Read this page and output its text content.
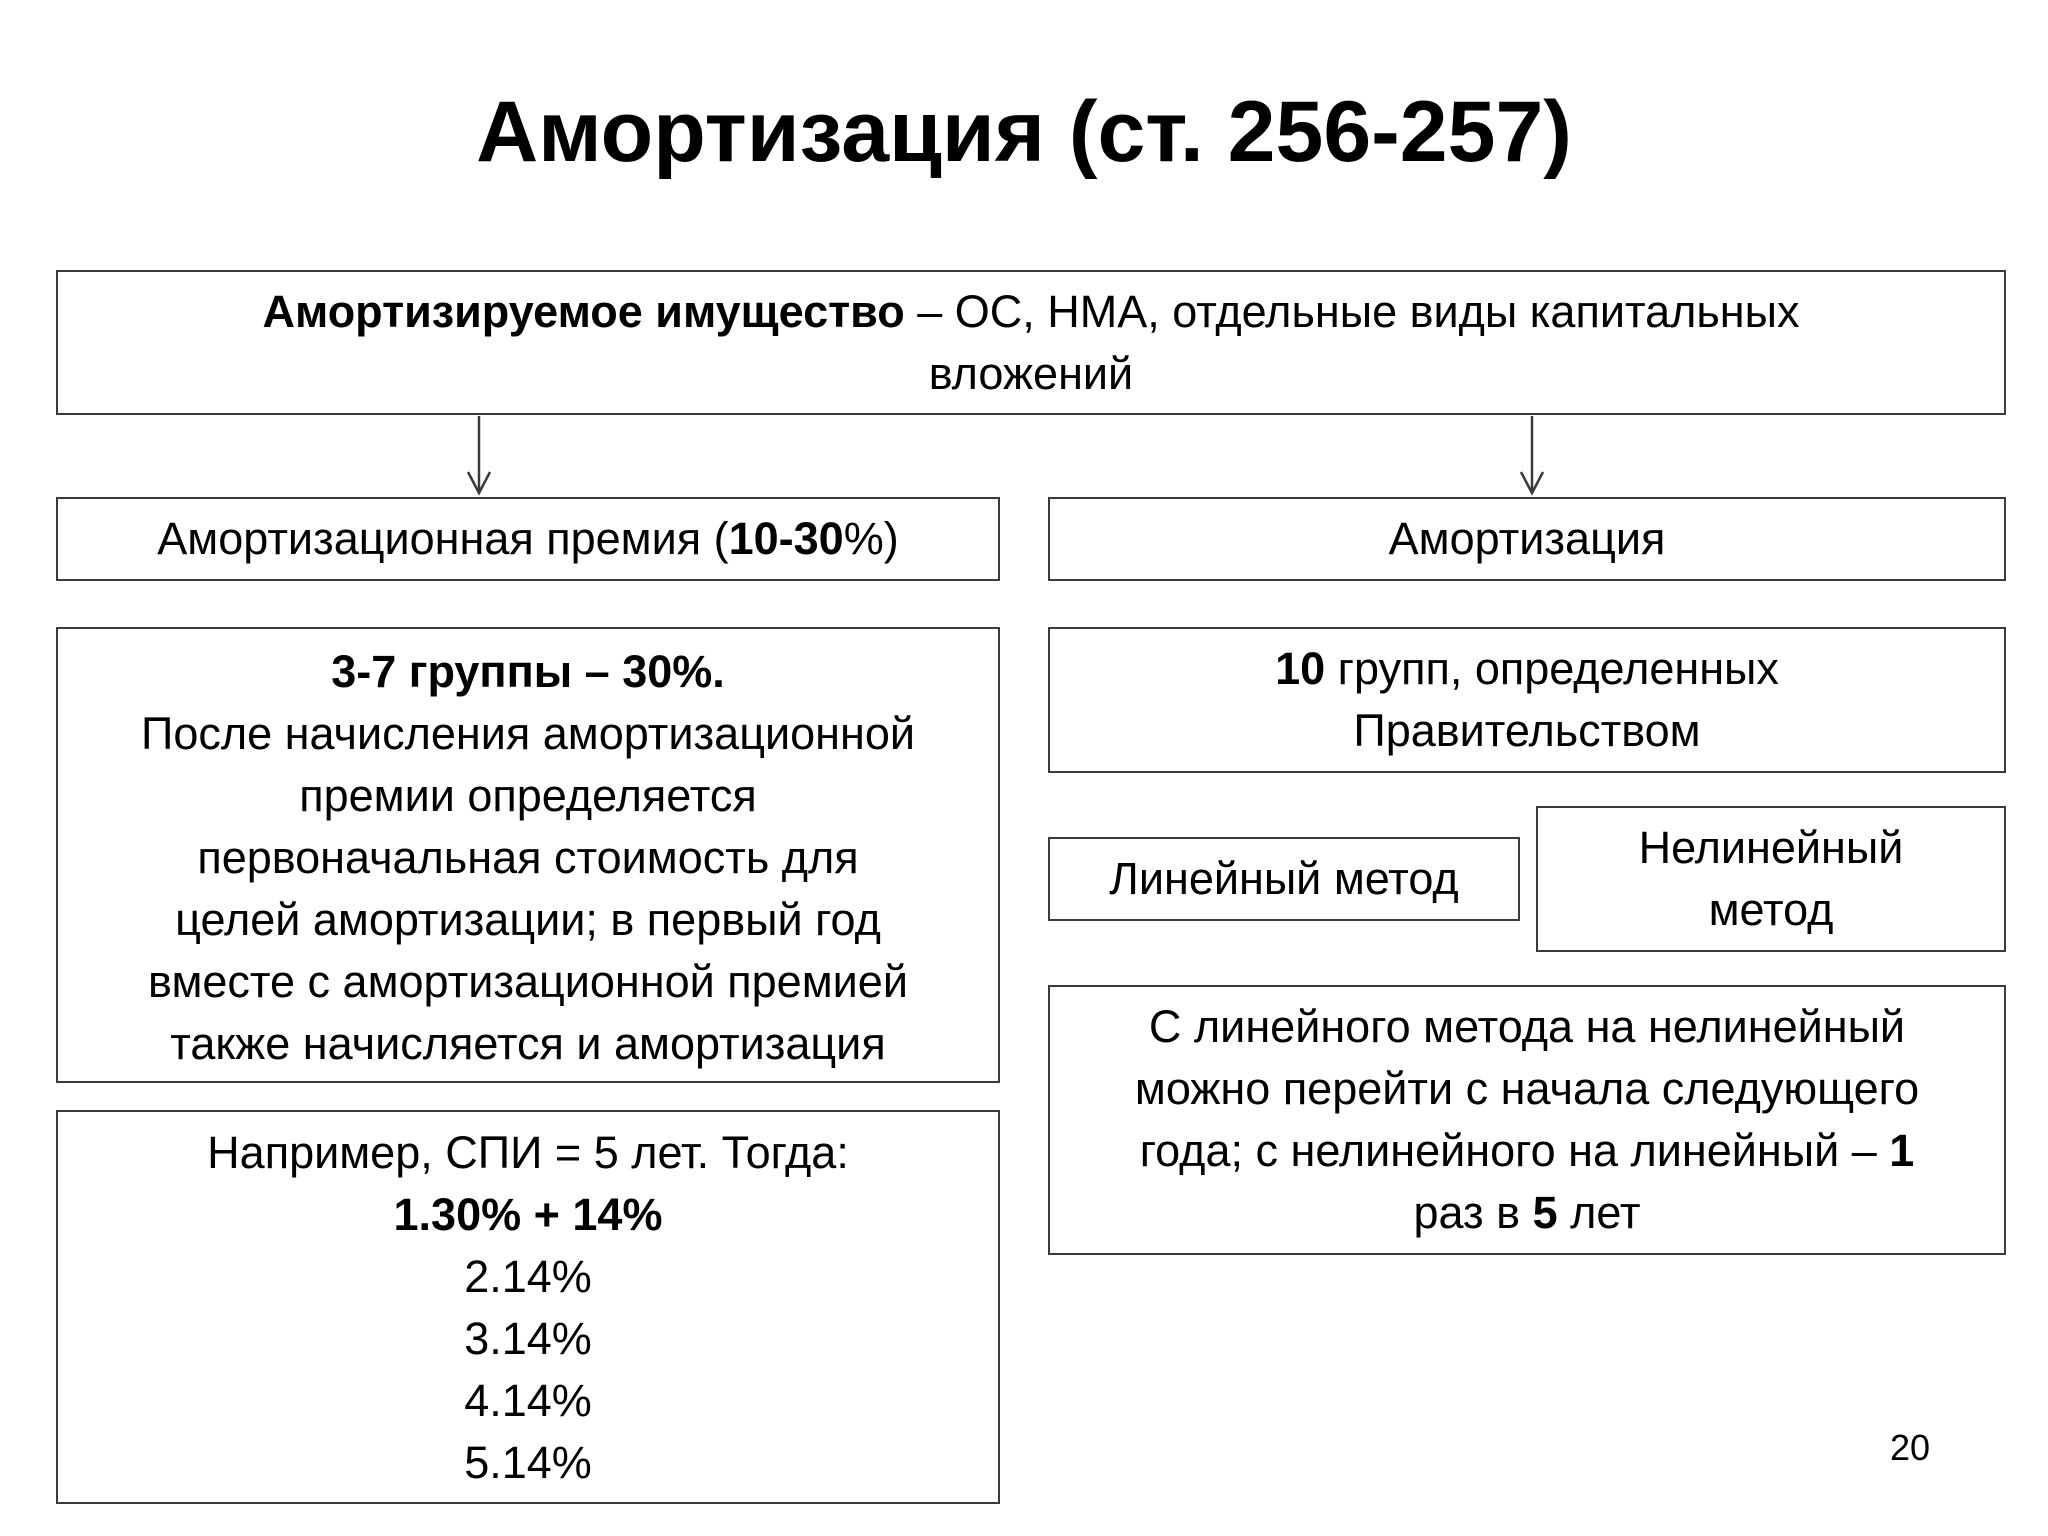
Амортизация (ст. 256-257)
Амортизируемое имущество – ОС, НМА, отдельные виды капитальных
вложений
Амортизационная премия (10-30%)	Амортизация
3-7 группы – 30%.
После начисления амортизационной
премии определяется
первоначальная стоимость для
целей амортизации; в первый год
вместе с амортизационной премией
также начисляется и амортизация
Например, СПИ = 5 лет. Тогда:
1.30% + 14%
2.14%
3.14%
4.14%
5.14%
10 групп, определенных
Правительством
Линейный метод
Нелинейный
метод
С линейного метода на нелинейный
можно перейти с начала следующего
года; с нелинейного на линейный – 1
раз в 5 лет
20
